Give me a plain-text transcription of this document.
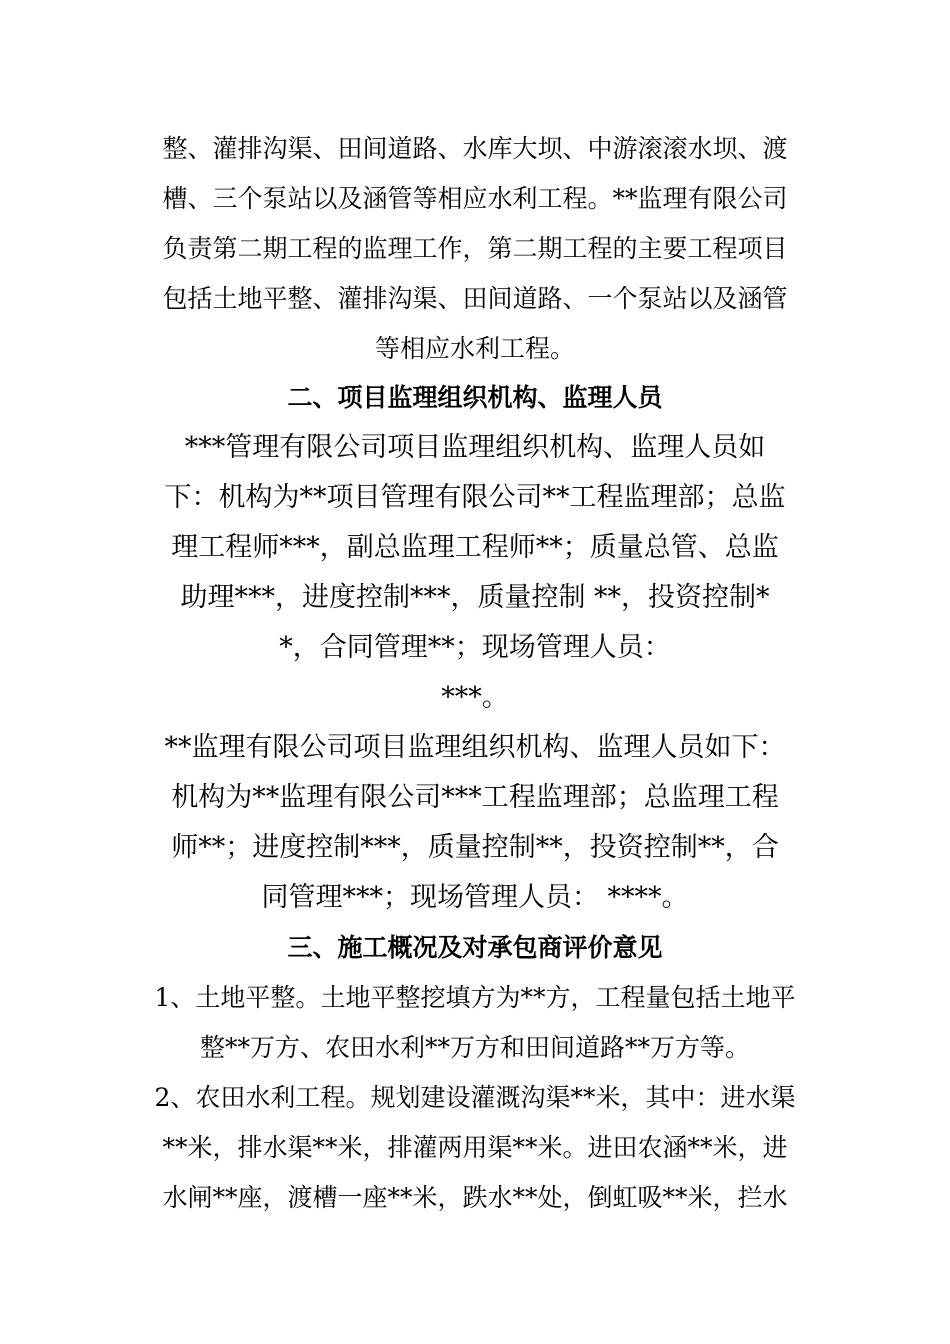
整、灌排沟渠、田间道路、水库大坝、中游滚滚水坝、渡
槽、三个泵站以及涵管等相应水利工程。**监理有限公司
负责第二期工程的监理工作，第二期工程的主要工程项目
包括土地平整、灌排沟渠、田间道路、一个泵站以及涵管
等相应水利工程。
二、项目监理组织机构、监理人员
***管理有限公司项目监理组织机构、监理人员如
下：机构为**项目管理有限公司**工程监理部；总监
理工程师***，副总监理工程师**；质量总管、总监
助理***，进度控制***，质量控制 **，投资控制*
*，合同管理**；现场管理人员：
***。
**监理有限公司项目监理组织机构、监理人员如下：
机构为**监理有限公司***工程监理部；总监理工程
师**；进度控制***，质量控制**，投资控制**，合
同管理***；现场管理人员： ****。
三、施工概况及对承包商评价意见
1、土地平整。土地平整挖填方为**方，工程量包括土地平
整**万方、农田水利**万方和田间道路**万方等。
2、农田水利工程。规划建设灌溉沟渠**米，其中：进水渠
**米，排水渠**米，排灌两用渠**米。进田农涵**米，进
水闸**座，渡槽一座**米，跌水**处，倒虹吸**米，拦水
